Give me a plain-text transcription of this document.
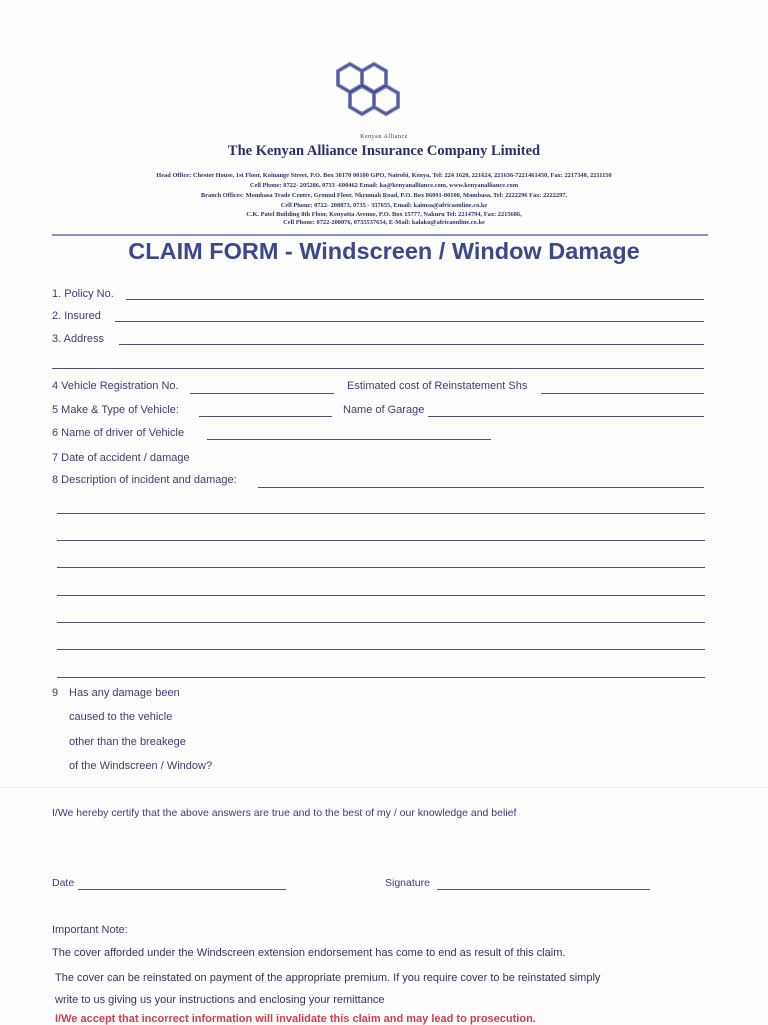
Kenyan Alliance
The Kenyan Alliance Insurance Company Limited
Head Office: Chester House, 1st Floor, Koinange Street, P.O. Box 30170 00100 GPO, Nairobi, Kenya, Tel: 224 1620, 221624, 221636-7221461450, Fax: 2217340, 2211150
Cell Phone: 0722- 205286, 0733 -600462 Email: ka@kenyanalliance.com, www.kenyanalliance.com
Branch Offices: Mombasa Trade Centre, Ground Floor, Nkrumah Road, P.O. Box 86091-80100, Mombasa, Tel: 2222296 Fax: 2222297,
Cell Phone: 0722- 208873, 0735 - 337655, Email: kaimsa@africaonline.co.ke
C.K. Patel Building 8th Floor, Kenyatta Avenue, P.O. Box 15777, Nakuru Tel: 2214794, Fax: 2215686,
Cell Phone: 0722-200076, 0735537654, E-Mail: kalaku@africaonline.co.ke
CLAIM FORM - Windscreen / Window Damage
1. Policy No.
2. Insured
3. Address
4 Vehicle Registration No.	Estimated cost of Reinstatement Shs
5 Make & Type of Vehicle:	Name of Garage
6 Name of driver of Vehicle
7 Date of accident / damage
8 Description of incident and damage:
9 Has any damage been
caused to the vehicle
other than the breakege
of the Windscreen / Window?
I/We hereby certify that the above answers are true and to the best of my / our knowledge and belief
Date	Signature
Important Note:
The cover afforded under the Windscreen extension endorsement has come to end as result of this claim.
The cover can be reinstated on payment of the appropriate premium. If you require cover to be reinstated simply
write to us giving us your instructions and enclosing your remittance
I/We accept that incorrect information will invalidate this claim and may lead to prosecution.
